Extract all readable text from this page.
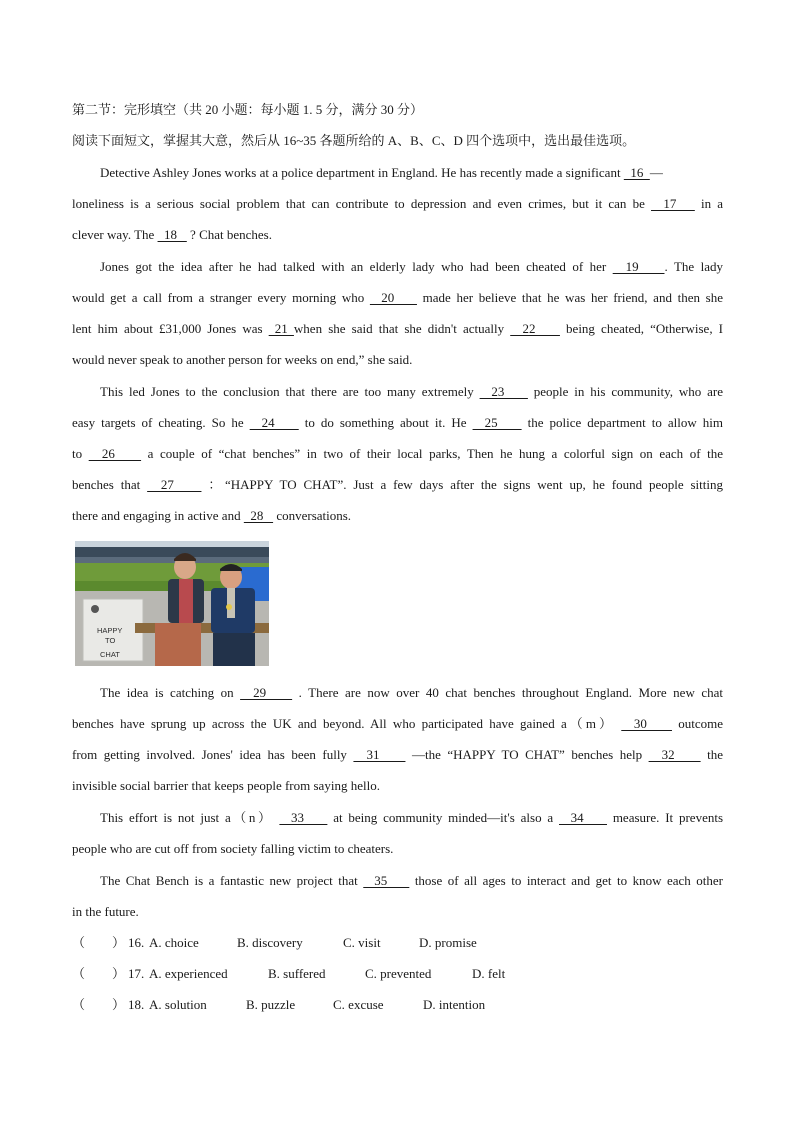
第二节：完形填空（共 20 小题：每小题 1. 5 分，满分 30 分）
阅读下面短文，掌握其大意，然后从 16~35 各题所给的 A、B、C、D 四个选项中，选出最佳选项。
Detective Ashley Jones works at a police department in England. He has recently made a significant   16  —
loneliness is a serious social problem that can contribute to depression and even crimes, but it can be   17    in a
clever way. The   18    ? Chat benches.
Jones got the idea after he had talked with an elderly lady who had been cheated of her   19    . The lady
would get a call from a stranger every morning who   20     made her believe that he was her friend, and then she
lent him about £31,000 Jones was  21 when she said that she didn't actually   22     being cheated, “Otherwise, I
would never speak to another person for weeks on end,” she said.
This led Jones to the conclusion that there are too many extremely   23     people in his community, who are
easy targets of cheating. So he   24     to do something about it. He   25     the police department to allow him
to   26     a couple of “chat benches” in two of their local parks, Then he hung a colorful sign on each of the
benches that   27     ：“HAPPY TO CHAT”. Just a few days after the signs went up, he found people sitting
there and engaging in active and   28    conversations.
HAPPY
TO
CHAT
The idea is catching on   29     . There are now over 40 chat benches throughout England. More new chat
benches have sprung up across the UK and beyond. All who participated have gained a（m）   30     outcome
from getting involved. Jones' idea has been fully   31     —the “HAPPY TO CHAT” benches help   32     the
invisible social barrier that keeps people from saying hello.
This effort is not just a（n）   33     at being community minded—it's also a   34     measure. It prevents
people who are cut off from society falling victim to cheaters.
The Chat Bench is a fantastic new project that   35     those of all ages to interact and get to know each other
in the future.
（ ） 16. A. choice	B. discovery	C. visit	D. promise
（ ） 17. A. experienced	B. suffered	C. prevented	D. felt
（ ） 18. A. solution	B. puzzle	C. excuse	D. intention
